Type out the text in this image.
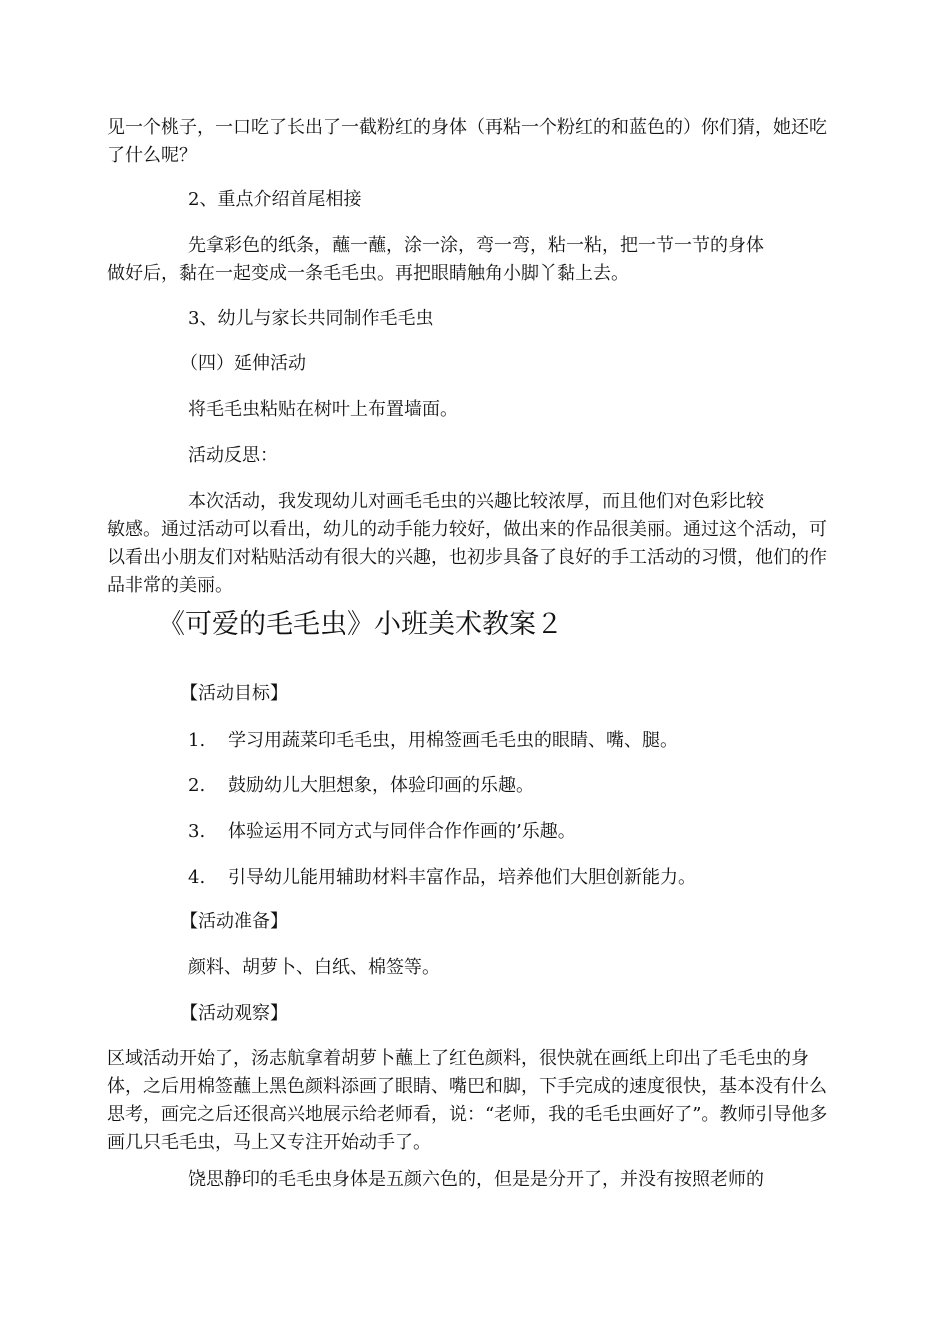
见一个桃子，一口吃了长出了一截粉红的身体（再粘一个粉红的和蓝色的）你们猜，她还吃了什么呢？

2、重点介绍首尾相接

先拿彩色的纸条，蘸一蘸，涂一涂，弯一弯，粘一粘，把一节一节的身体

做好后，黏在一起变成一条毛毛虫。再把眼睛触角小脚丫黏上去。

3、幼儿与家长共同制作毛毛虫

（四）延伸活动

将毛毛虫粘贴在树叶上布置墙面。

活动反思：

本次活动，我发现幼儿对画毛毛虫的兴趣比较浓厚，而且他们对色彩比较

敏感。通过活动可以看出，幼儿的动手能力较好，做出来的作品很美丽。通过这个活动，可以看出小朋友们对粘贴活动有很大的兴趣，也初步具备了良好的手工活动的习惯，他们的作品非常的美丽。

《可爱的毛毛虫》小班美术教案２

【活动目标】

1. 学习用蔬菜印毛毛虫，用棉签画毛毛虫的眼睛、嘴、腿。

2. 鼓励幼儿大胆想象，体验印画的乐趣。

3. 体验运用不同方式与同伴合作作画的’乐趣。

4. 引导幼儿能用辅助材料丰富作品，培养他们大胆创新能力。

【活动准备】

颜料、胡萝卜、白纸、棉签等。

【活动观察】

区域活动开始了，汤志航拿着胡萝卜蘸上了红色颜料，很快就在画纸上印出了毛毛虫的身体，之后用棉签蘸上黑色颜料添画了眼睛、嘴巴和脚，下手完成的速度很快，基本没有什么思考，画完之后还很高兴地展示给老师看，说：“老师，我的毛毛虫画好了”。教师引导他多画几只毛毛虫，马上又专注开始动手了。

饶思静印的毛毛虫身体是五颜六色的，但是是分开了，并没有按照老师的
